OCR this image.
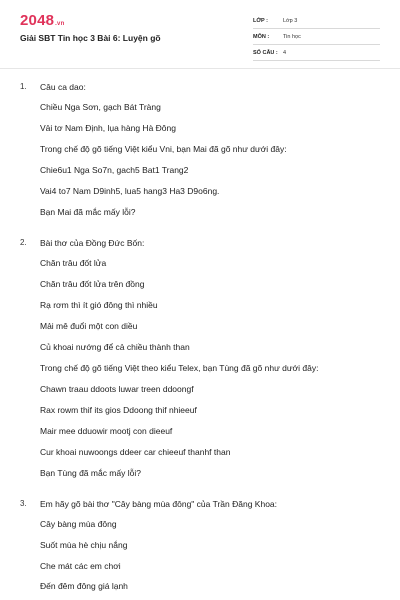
2048.vn
Giải SBT Tin học 3 Bài 6: Luyện gõ
LỚP :	Lớp 3
MÔN :	Tin học
SỐ CÂU : 4
1. Câu ca dao:
Chiều Nga Sơn, gạch Bát Tràng
Vải tơ Nam Định, lụa hàng Hà Đông
Trong chế độ gõ tiếng Việt kiểu Vni, bạn Mai đã gõ như dưới đây:
Chie6u1 Nga So7n, gach5 Bat1 Trang2
Vai4 to7 Nam D9inh5, lua5 hang3 Ha3 D9o6ng.
Bạn Mai đã mắc mấy lỗi?
2. Bài thơ của Đồng Đức Bốn:
Chăn trâu đốt lửa
Chăn trâu đốt lửa trên đồng
Rạ rơm thì ít gió đông thì nhiều
Mải mê đuổi một con diều
Củ khoai nướng để cả chiều thành than
Trong chế độ gõ tiếng Việt theo kiểu Telex, bạn Tùng đã gõ như dưới đây:
Chawn traau ddoots luwar treen ddoongf
Rax rowm thif its gios Ddoong thif nhieeuf
Mair mee dduowir mootj con dieeuf
Cur khoai nuwoongs ddeer car chieeuf thanhf than
Bạn Tùng đã mắc mấy lỗi?
3. Em hãy gõ bài thơ "Cây bàng mùa đông" của Trần Đăng Khoa:
Cây bàng mùa đông
Suốt mùa hè chịu nắng
Che mát các em chơi
Đến đêm đông giá lạnh
